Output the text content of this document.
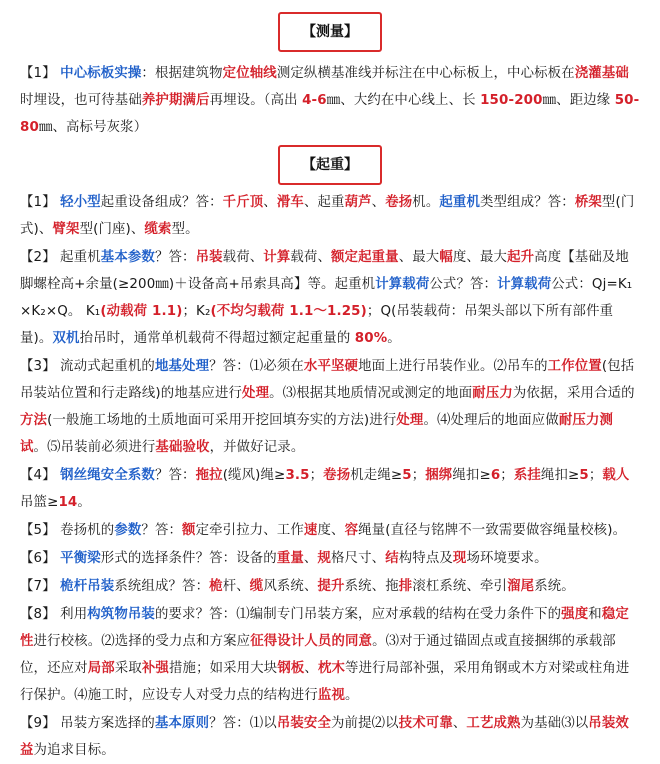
【测量】

【1】 中心标板实操：根据建筑物定位轴线测定纵横基准线并标注在中心标板上，中心标板在浇灌基础时埋设，也可待基础养护期满后再埋设。（高出 4-6㎜、大约在中心线上、长 150-200㎜、距边缘 50-80㎜、高标号灰浆）

【起重】

【1】 轻小型起重设备组成？答：千斤顶、滑车、起重葫芦、卷扬机。起重机类型组成？答：桥架型(门式)、臂架型(门座)、缆索型。

【2】 起重机基本参数？答：吊装载荷、计算载荷、额定起重量、最大幅度、最大起升高度【基础及地脚螺栓高+余量(≥200㎜)＋设备高+吊索具高】等。起重机计算载荷公式？答：计算载荷公式：Qj=K₁×K₂×Q。 K₁(动载荷 1.1)；K₂(不均匀载荷 1.1～1.25)；Q(吊装载荷：吊架头部以下所有部件重量)。双机抬吊时，通常单机载荷不得超过额定起重量的 80%。

【3】 流动式起重机的地基处理？答：⑴必须在水平坚硬地面上进行吊装作业。⑵吊车的工作位置(包括吊装站位置和行走路线)的地基应进行处理。⑶根据其地质情况或测定的地面耐压力为依据，采用合适的方法(一般施工场地的土质地面可采用开挖回填夯实的方法)进行处理。⑷处理后的地面应做耐压力测试。⑸吊装前必须进行基础验收，并做好记录。

【4】 钢丝绳安全系数？答：拖拉(缆风)绳≥3.5；卷扬机走绳≥5；捆绑绳扣≥6；系挂绳扣≥5；载人吊篮≥14。

【5】 卷扬机的参数？答：额定牵引拉力、工作速度、容绳量(直径与铭牌不一致需要做容绳量校核)。

【6】 平衡梁形式的选择条件？答：设备的重量、规格尺寸、结构特点及现场环境要求。

【7】 桅杆吊装系统组成？答：桅杆、缆风系统、提升系统、拖排滚杠系统、牵引溜尾系统。

【8】 利用构筑物吊装的要求？答：⑴编制专门吊装方案，应对承载的结构在受力条件下的强度和稳定性进行校核。⑵选择的受力点和方案应征得设计人员的同意。⑶对于通过锚固点或直接捆绑的承载部位，还应对局部采取补强措施；如采用大块钢板、枕木等进行局部补强，采用角钢或木方对梁或柱角进行保护。⑷施工时，应设专人对受力点的结构进行监视。

【9】 吊装方案选择的基本原则？答：⑴以吊装安全为前提⑵以技术可靠、工艺成熟为基础⑶以吊装效益为追求目标。
